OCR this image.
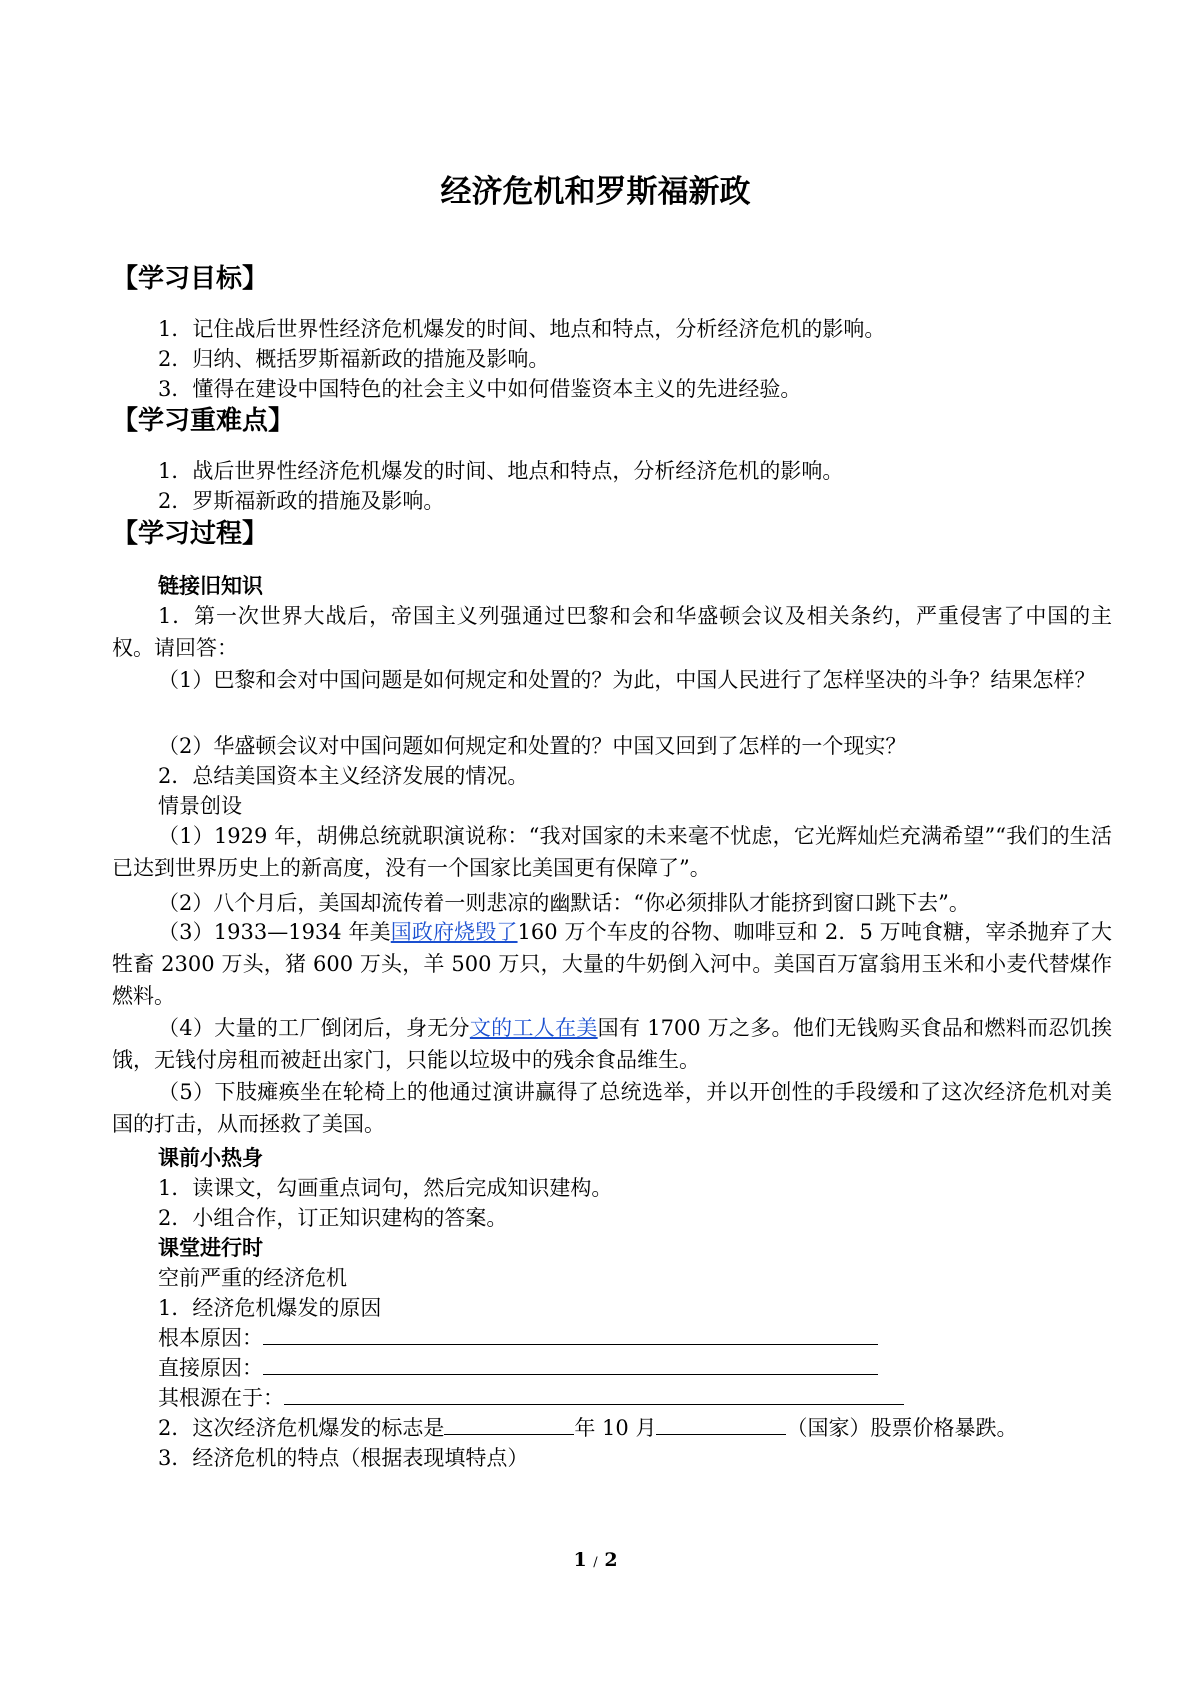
经济危机和罗斯福新政
【学习目标】
1．记住战后世界性经济危机爆发的时间、地点和特点，分析经济危机的影响。
2．归纳、概括罗斯福新政的措施及影响。
3．懂得在建设中国特色的社会主义中如何借鉴资本主义的先进经验。
【学习重难点】
1．战后世界性经济危机爆发的时间、地点和特点，分析经济危机的影响。
2．罗斯福新政的措施及影响。
【学习过程】
链接旧知识
1．第一次世界大战后，帝国主义列强通过巴黎和会和华盛顿会议及相关条约，严重侵害了中国的主权。请回答：
（1）巴黎和会对中国问题是如何规定和处置的？为此，中国人民进行了怎样坚决的斗争？结果怎样？
（2）华盛顿会议对中国问题如何规定和处置的？中国又回到了怎样的一个现实？
2．总结美国资本主义经济发展的情况。
情景创设
（1）1929 年，胡佛总统就职演说称：“我对国家的未来毫不忧虑，它光辉灿烂充满希望”“我们的生活已达到世界历史上的新高度，没有一个国家比美国更有保障了”。
（2）八个月后，美国却流传着一则悲凉的幽默话：“你必须排队才能挤到窗口跳下去”。
（3）1933—1934 年美国政府烧毁了160 万个车皮的谷物、咖啡豆和 2．5 万吨食糖，宰杀抛弃了大牲畜 2300 万头，猪 600 万头，羊 500 万只，大量的牛奶倒入河中。美国百万富翁用玉米和小麦代替煤作燃料。
（4）大量的工厂倒闭后，身无分文的工人在美国有 1700 万之多。他们无钱购买食品和燃料而忍饥挨饿，无钱付房租而被赶出家门，只能以垃圾中的残余食品维生。
（5）下肢瘫痪坐在轮椅上的他通过演讲赢得了总统选举，并以开创性的手段缓和了这次经济危机对美国的打击，从而拯救了美国。
课前小热身
1．读课文，勾画重点词句，然后完成知识建构。
2．小组合作，订正知识建构的答案。
课堂进行时
空前严重的经济危机
1．经济危机爆发的原因
根本原因：
直接原因：
其根源在于：
2．这次经济危机爆发的标志是	年 10 月	（国家）股票价格暴跌。
3．经济危机的特点（根据表现填特点）
1 / 2
